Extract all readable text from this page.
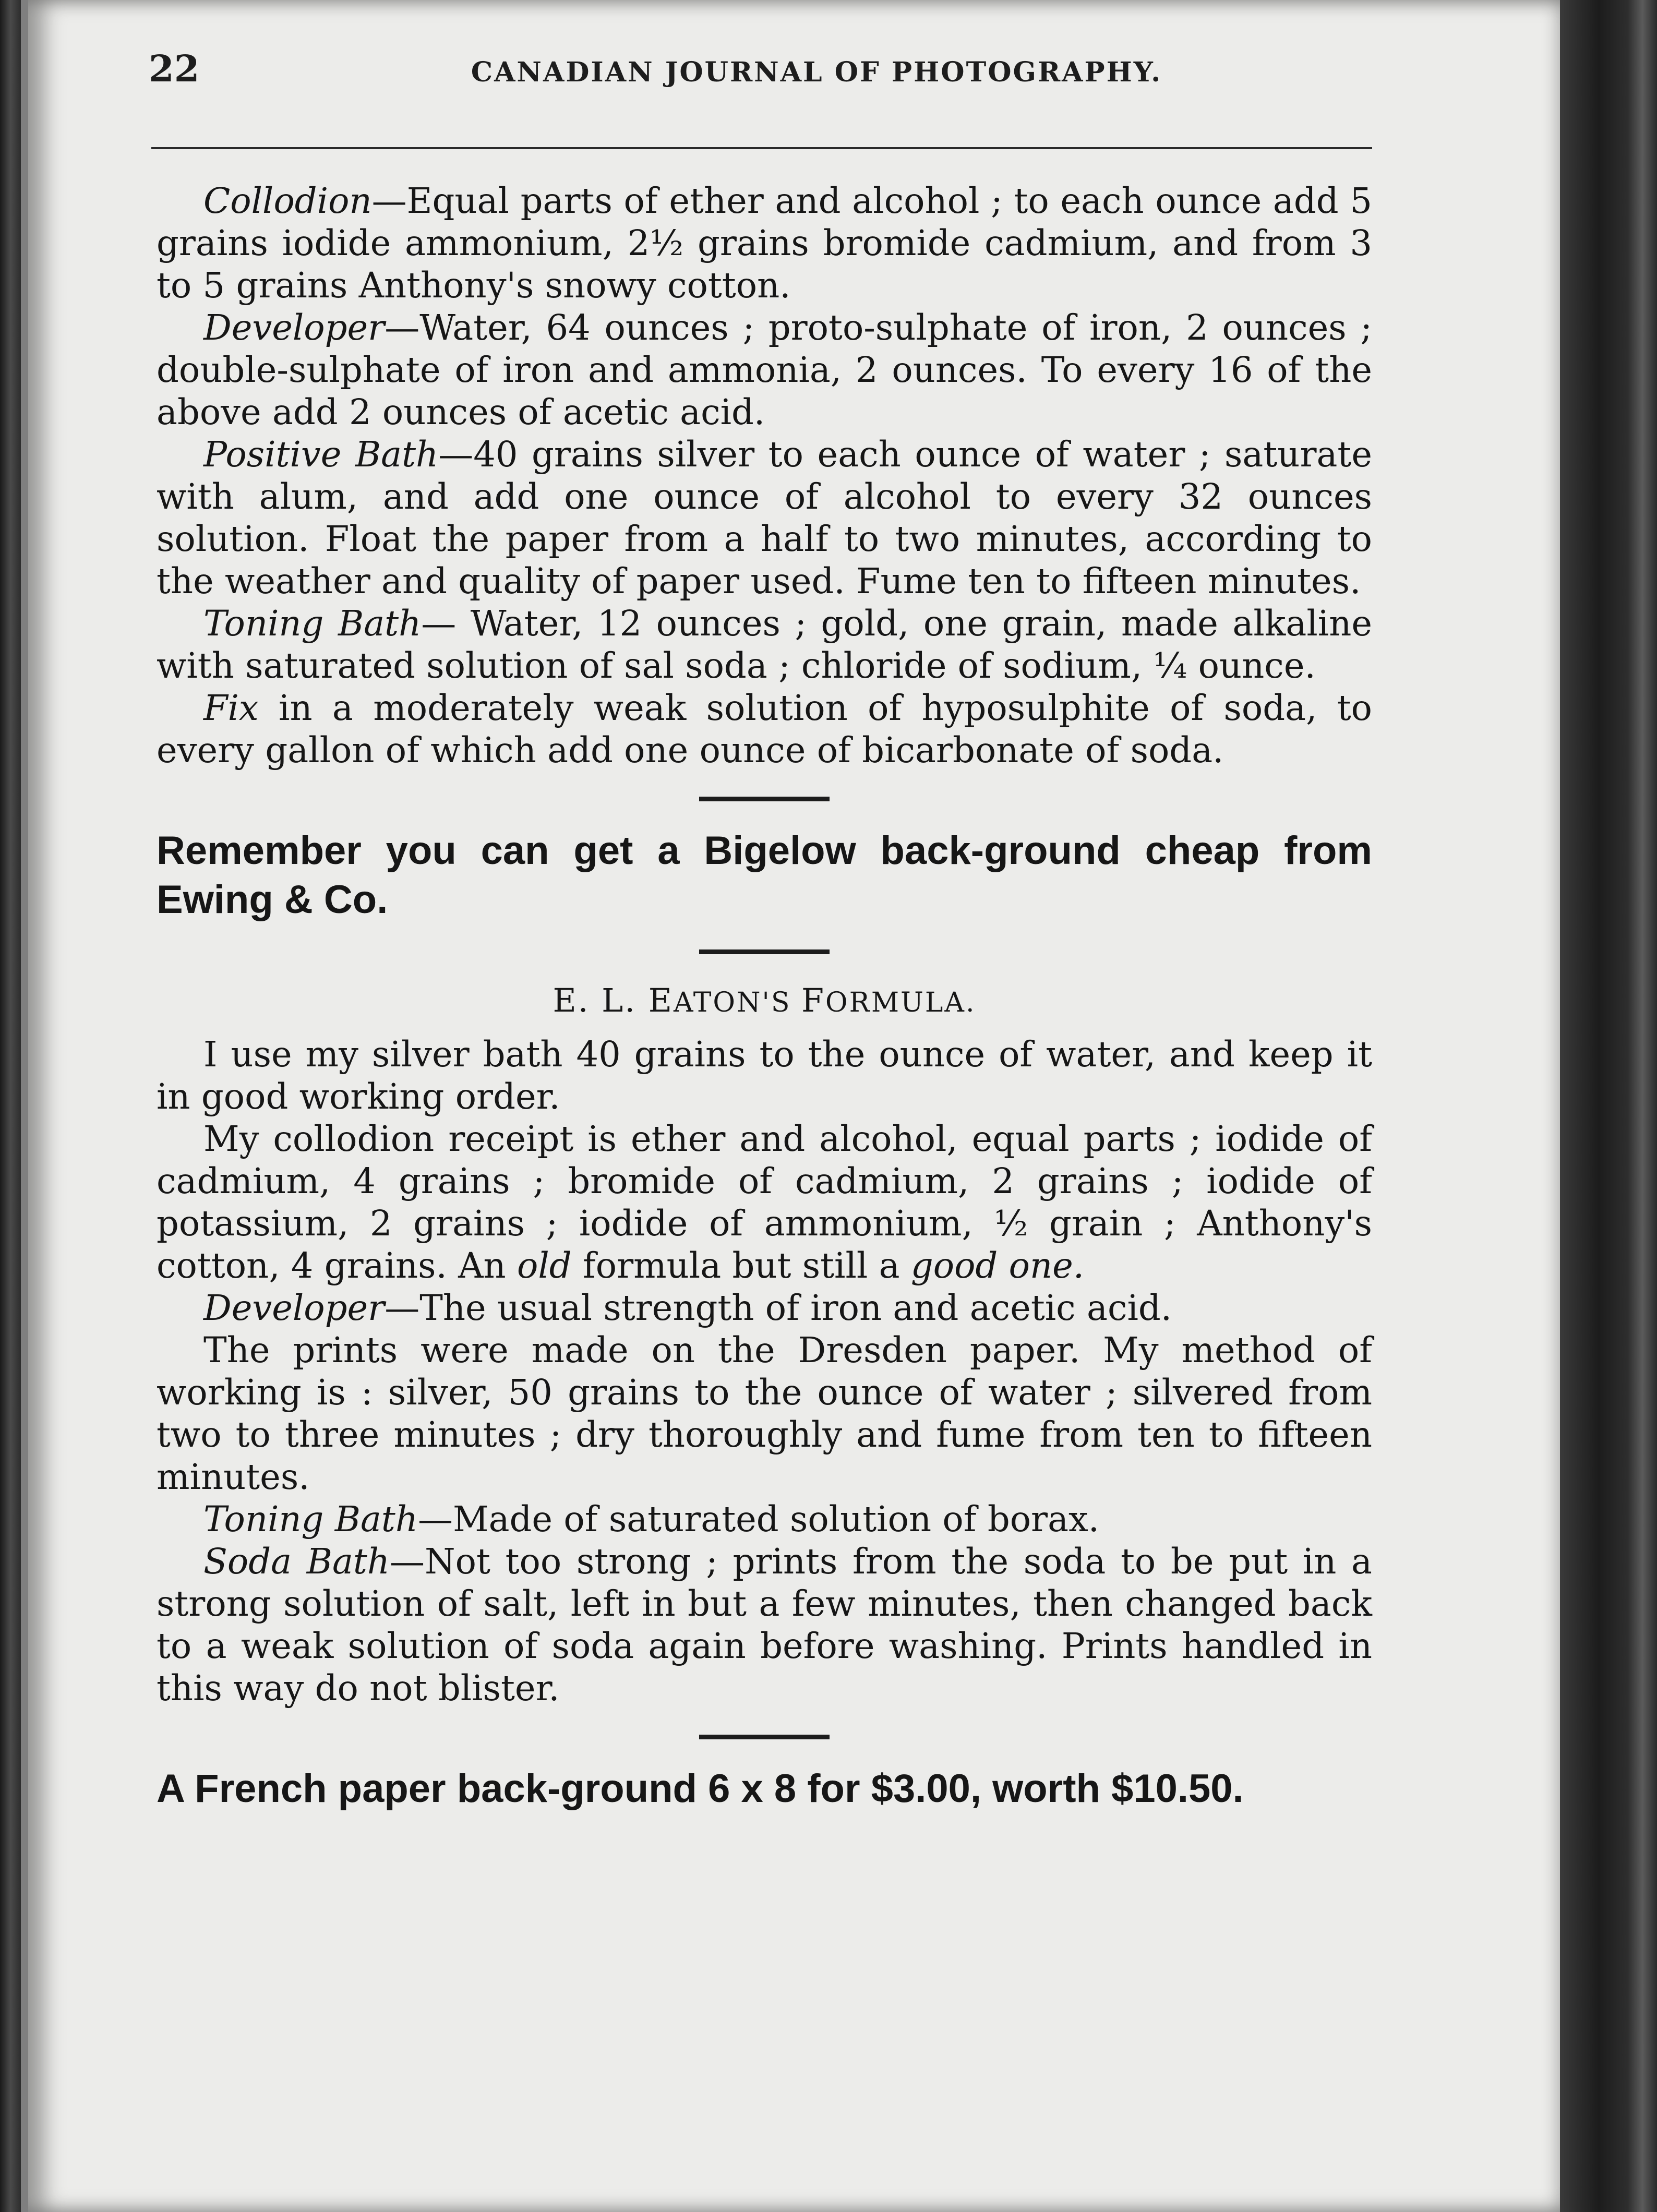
22	CANADIAN JOURNAL OF PHOTOGRAPHY.

Collodion—Equal parts of ether and alcohol ; to each ounce add 5 grains iodide ammonium, 2½ grains bromide cadmium, and from 3 to 5 grains Anthony's snowy cotton.

Developer—Water, 64 ounces ; proto-sulphate of iron, 2 ounces ; double-sulphate of iron and ammonia, 2 ounces. To every 16 of the above add 2 ounces of acetic acid.

Positive Bath—40 grains silver to each ounce of water ; saturate with alum, and add one ounce of alcohol to every 32 ounces solution. Float the paper from a half to two minutes, according to the weather and quality of paper used. Fume ten to fifteen minutes.

Toning Bath— Water, 12 ounces ; gold, one grain, made alkaline with saturated solution of sal soda ; chloride of sodium, ¼ ounce.

Fix in a moderately weak solution of hyposulphite of soda, to every gallon of which add one ounce of bicarbonate of soda.

Remember you can get a Bigelow back-ground cheap from Ewing & Co.

E. L. EATON'S FORMULA.

I use my silver bath 40 grains to the ounce of water, and keep it in good working order.

My collodion receipt is ether and alcohol, equal parts ; iodide of cadmium, 4 grains ; bromide of cadmium, 2 grains ; iodide of potassium, 2 grains ; iodide of ammonium, ½ grain ; Anthony's cotton, 4 grains. An old formula but still a good one.

Developer—The usual strength of iron and acetic acid.

The prints were made on the Dresden paper. My method of working is : silver, 50 grains to the ounce of water ; silvered from two to three minutes ; dry thoroughly and fume from ten to fifteen minutes.

Toning Bath—Made of saturated solution of borax.

Soda Bath—Not too strong ; prints from the soda to be put in a strong solution of salt, left in but a few minutes, then changed back to a weak solution of soda again before washing. Prints handled in this way do not blister.

A French paper back-ground 6 x 8 for $3.00, worth $10.50.
